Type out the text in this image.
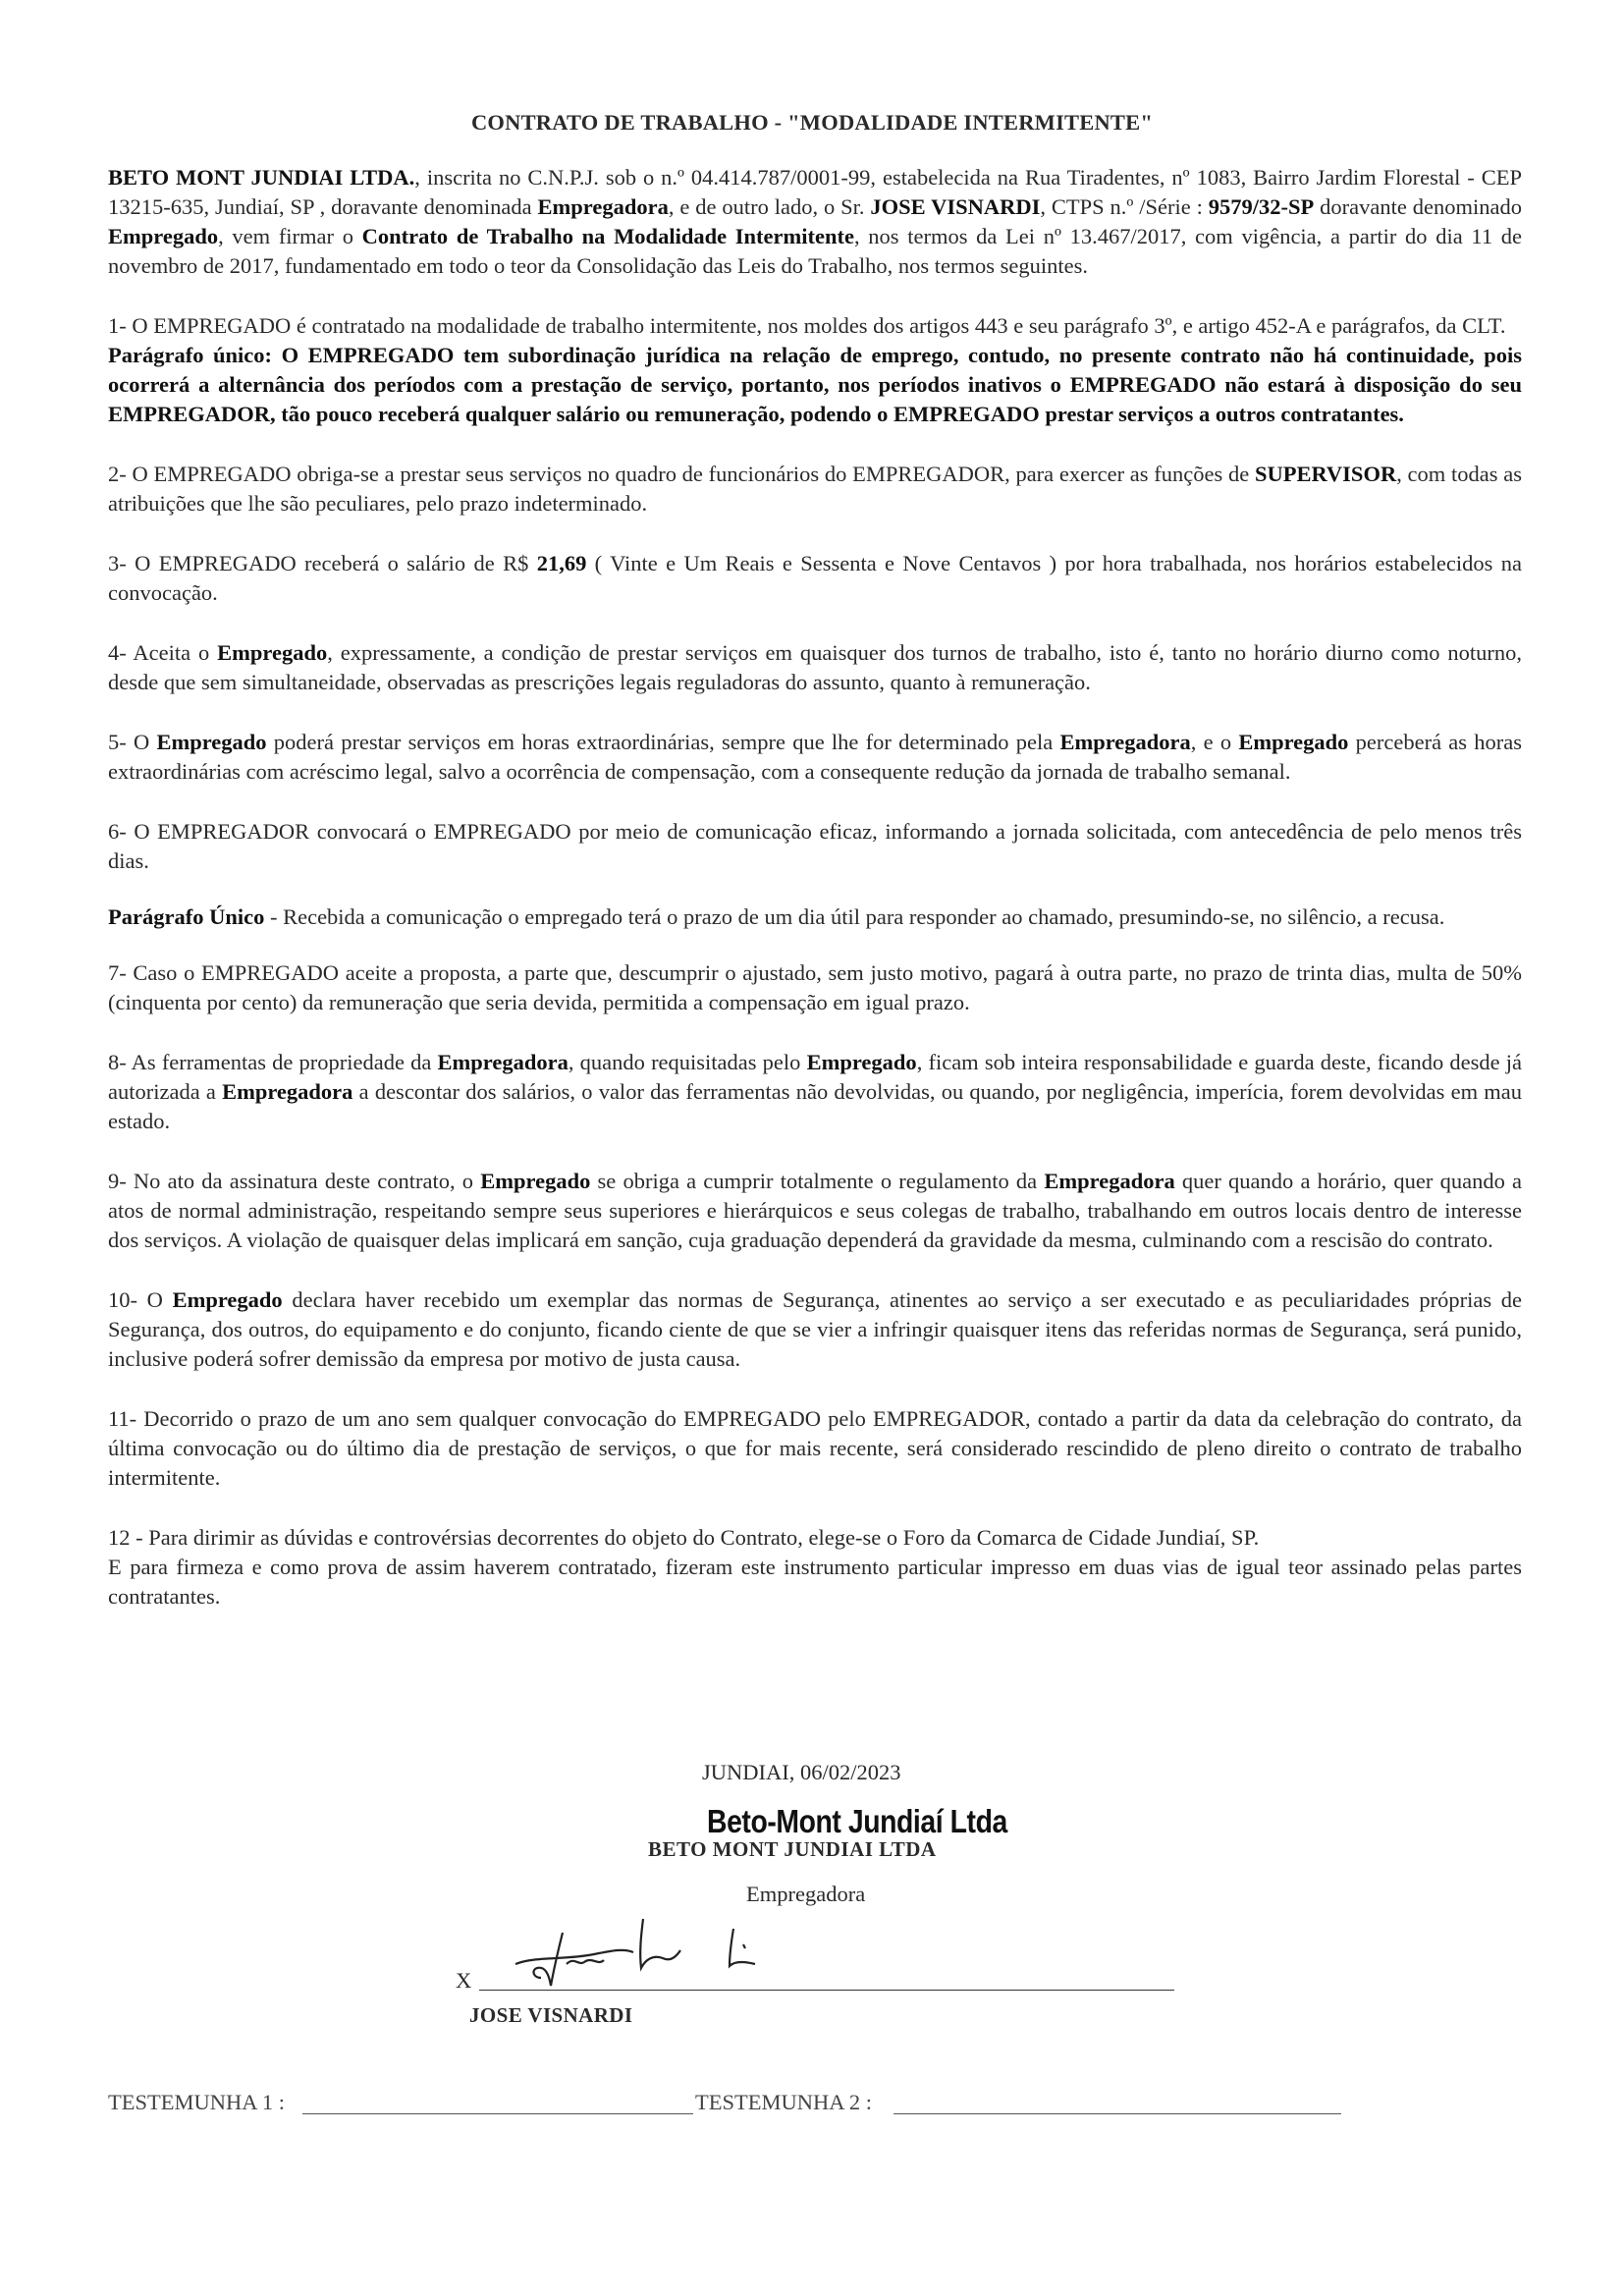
CONTRATO DE TRABALHO - "MODALIDADE INTERMITENTE"

BETO MONT JUNDIAI LTDA., inscrita no C.N.P.J. sob o n.º 04.414.787/0001-99, estabelecida na Rua Tiradentes, nº 1083, Bairro Jardim Florestal - CEP 13215-635, Jundiaí, SP , doravante denominada Empregadora, e de outro lado, o Sr. JOSE VISNARDI, CTPS n.º /Série : 9579/32-SP doravante denominado Empregado, vem firmar o Contrato de Trabalho na Modalidade Intermitente, nos termos da Lei nº 13.467/2017, com vigência, a partir do dia 11 de novembro de 2017, fundamentado em todo o teor da Consolidação das Leis do Trabalho, nos termos seguintes.

1- O EMPREGADO é contratado na modalidade de trabalho intermitente, nos moldes dos artigos 443 e seu parágrafo 3º, e artigo 452-A e parágrafos, da CLT.

Parágrafo único: O EMPREGADO tem subordinação jurídica na relação de emprego, contudo, no presente contrato não há continuidade, pois ocorrerá a alternância dos períodos com a prestação de serviço, portanto, nos períodos inativos o EMPREGADO não estará à disposição do seu EMPREGADOR, tão pouco receberá qualquer salário ou remuneração, podendo o EMPREGADO prestar serviços a outros contratantes.

2- O EMPREGADO obriga-se a prestar seus serviços no quadro de funcionários do EMPREGADOR, para exercer as funções de SUPERVISOR, com todas as atribuições que lhe são peculiares, pelo prazo indeterminado.

3- O EMPREGADO receberá o salário de R$ 21,69 ( Vinte e Um Reais e Sessenta e Nove Centavos ) por hora trabalhada, nos horários estabelecidos na convocação.

4- Aceita o Empregado, expressamente, a condição de prestar serviços em quaisquer dos turnos de trabalho, isto é, tanto no horário diurno como noturno, desde que sem simultaneidade, observadas as prescrições legais reguladoras do assunto, quanto à remuneração.

5- O Empregado poderá prestar serviços em horas extraordinárias, sempre que lhe for determinado pela Empregadora, e o Empregado perceberá as horas extraordinárias com acréscimo legal, salvo a ocorrência de compensação, com a consequente redução da jornada de trabalho semanal.

6- O EMPREGADOR convocará o EMPREGADO por meio de comunicação eficaz, informando a jornada solicitada, com antecedência de pelo menos três dias.

Parágrafo Único - Recebida a comunicação o empregado terá o prazo de um dia útil para responder ao chamado, presumindo-se, no silêncio, a recusa.

7- Caso o EMPREGADO aceite a proposta, a parte que, descumprir o ajustado, sem justo motivo, pagará à outra parte, no prazo de trinta dias, multa de 50% (cinquenta por cento) da remuneração que seria devida, permitida a compensação em igual prazo.

8- As ferramentas de propriedade da Empregadora, quando requisitadas pelo Empregado, ficam sob inteira responsabilidade e guarda deste, ficando desde já autorizada a Empregadora a descontar dos salários, o valor das ferramentas não devolvidas, ou quando, por negligência, imperícia, forem devolvidas em mau estado.

9- No ato da assinatura deste contrato, o Empregado se obriga a cumprir totalmente o regulamento da Empregadora quer quando a horário, quer quando a atos de normal administração, respeitando sempre seus superiores e hierárquicos e seus colegas de trabalho, trabalhando em outros locais dentro de interesse dos serviços. A violação de quaisquer delas implicará em sanção, cuja graduação dependerá da gravidade da mesma, culminando com a rescisão do contrato.

10- O Empregado declara haver recebido um exemplar das normas de Segurança, atinentes ao serviço a ser executado e as peculiaridades próprias de Segurança, dos outros, do equipamento e do conjunto, ficando ciente de que se vier a infringir quaisquer itens das referidas normas de Segurança, será punido, inclusive poderá sofrer demissão da empresa por motivo de justa causa.

11- Decorrido o prazo de um ano sem qualquer convocação do EMPREGADO pelo EMPREGADOR, contado a partir da data da celebração do contrato, da última convocação ou do último dia de prestação de serviços, o que for mais recente, será considerado rescindido de pleno direito o contrato de trabalho intermitente.

12 - Para dirimir as dúvidas e controvérsias decorrentes do objeto do Contrato, elege-se o Foro da Comarca de Cidade Jundiaí, SP.

E para firmeza e como prova de assim haverem contratado, fizeram este instrumento particular impresso em duas vias de igual teor assinado pelas partes contratantes.

JUNDIAI, 06/02/2023
Beto-Mont Jundiaí Ltda
BETO MONT JUNDIAI LTDA
Empregadora
X
JOSE VISNARDI
TESTEMUNHA 1 :	TESTEMUNHA 2 :
